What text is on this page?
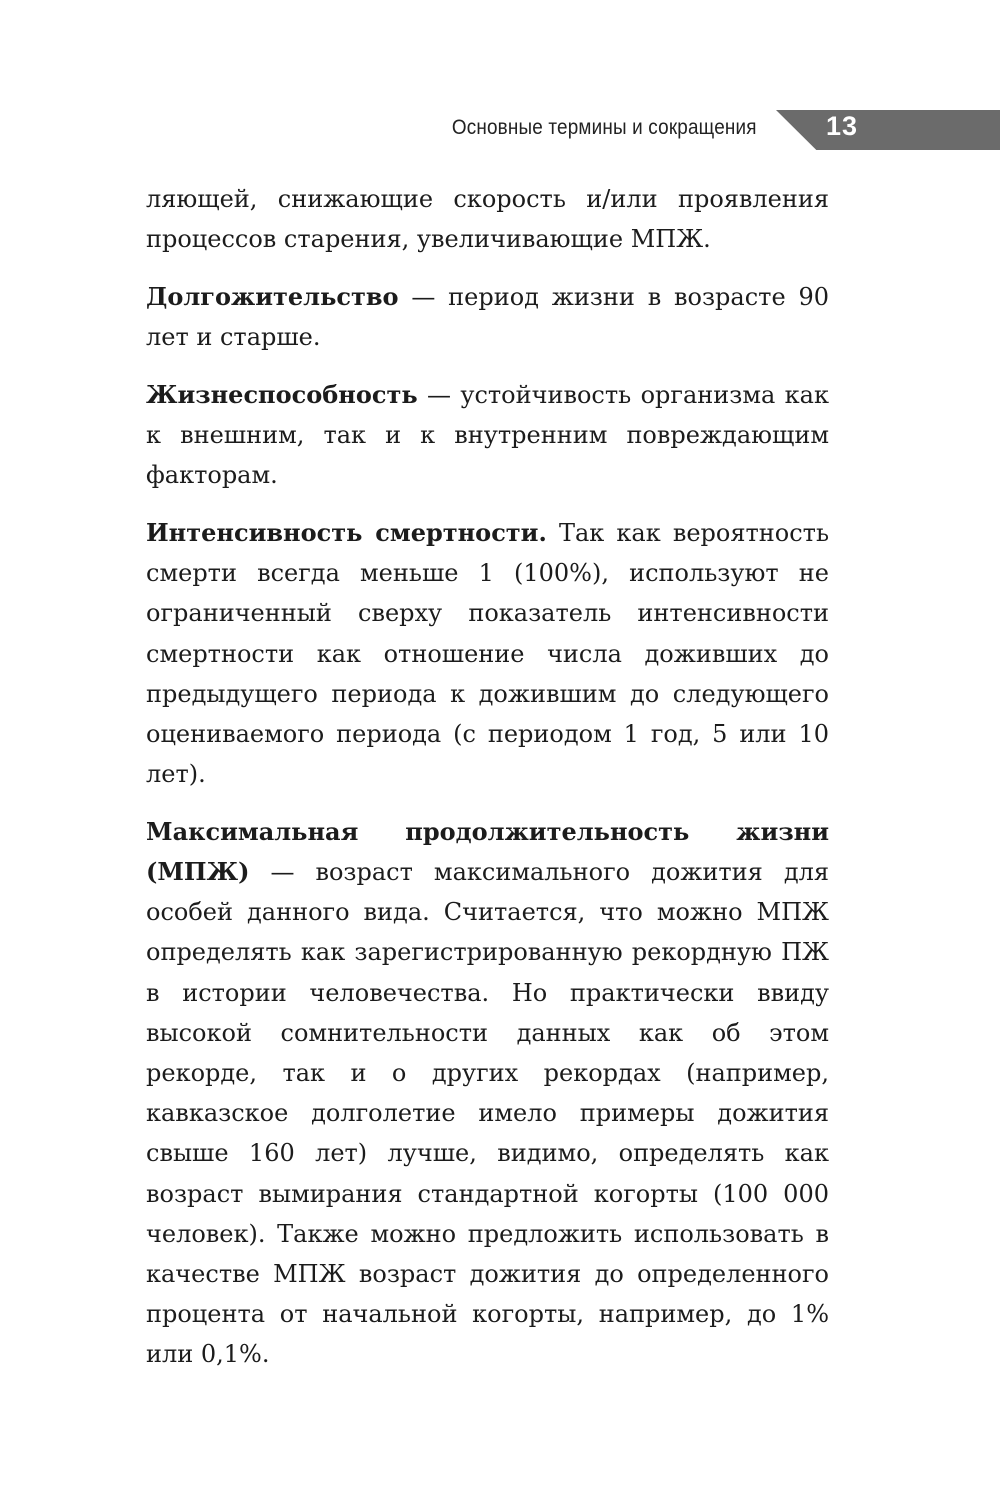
Основные термины и сокращения	13

ляющей, снижающие скорость и/или проявления процессов старения, увеличивающие МПЖ.

Долгожительство — период жизни в возрасте 90 лет и старше.

Жизнеспособность — устойчивость организма как к внешним, так и к внутренним повреждающим факторам.

Интенсивность смертности. Так как вероятность смерти всегда меньше 1 (100%), используют не ограниченный сверху показатель интенсивности смертности как отношение числа доживших до предыдущего периода к дожившим до следующего оцениваемого периода (с периодом 1 год, 5 или 10 лет).

Максимальная продолжительность жизни
(МПЖ) — возраст максимального дожития для особей данного вида. Считается, что можно МПЖ определять как зарегистрированную рекордную ПЖ в истории человечества. Но практически ввиду высокой сомнительности данных как об этом рекорде, так и о других рекордах (например, кавказское долголетие имело примеры дожития свыше 160 лет) лучше, видимо, определять как возраст вымирания стандартной когорты (100 000 человек). Также можно предложить использовать в качестве МПЖ возраст дожития до определенного процента от начальной когорты, например, до 1% или 0,1%.
